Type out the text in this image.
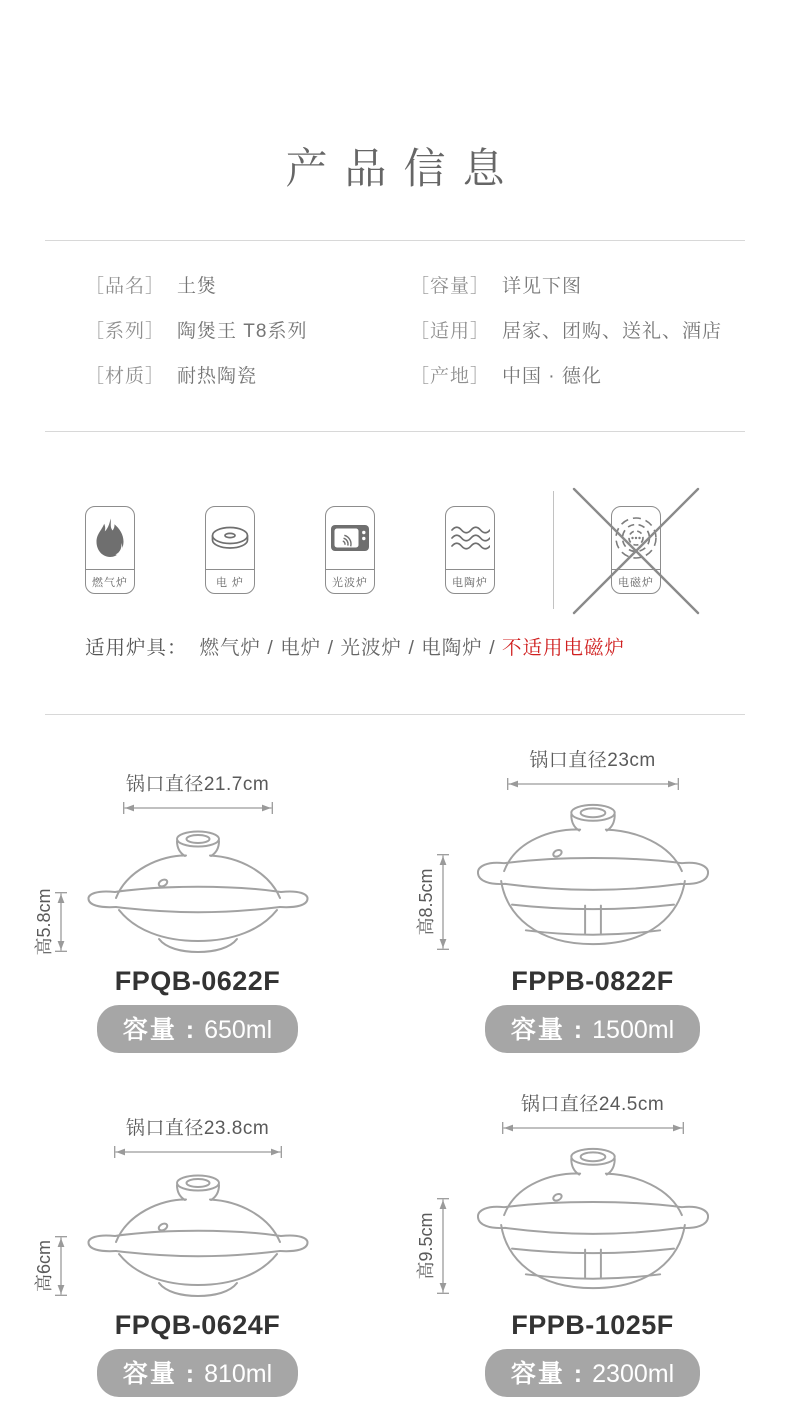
产品信息
［品名］ 土煲	［容量］ 详见下图
［系列］ 陶煲王 T8系列	［适用］ 居家、团购、送礼、酒店
［材质］ 耐热陶瓷	［产地］ 中国 · 德化
燃气炉	电 炉	光波炉	电陶炉	电磁炉
适用炉具： 燃气炉 / 电炉 / 光波炉 / 电陶炉 / 不适用电磁炉
锅口直径21.7cm
高5.8cm
FPQB-0622F
容量 : 650ml
锅口直径23cm
高8.5cm
FPPB-0822F
容量 : 1500ml
锅口直径23.8cm
高6cm
FPQB-0624F
容量 : 810ml
锅口直径24.5cm
高9.5cm
FPPB-1025F
容量 : 2300ml
